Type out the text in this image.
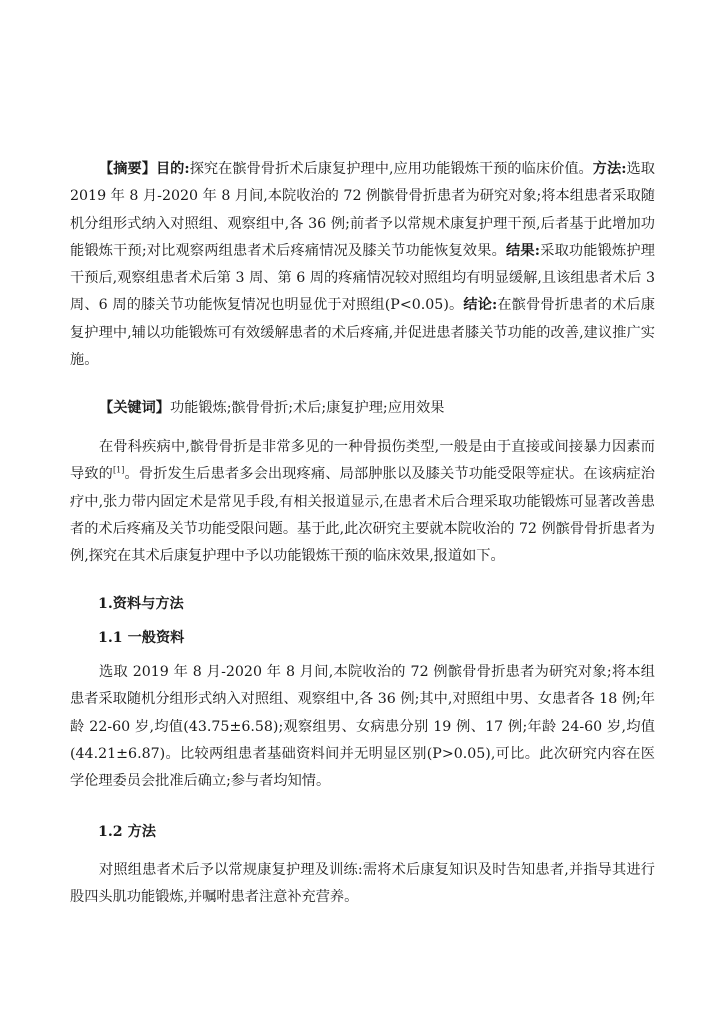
【摘要】目的:探究在髌骨骨折术后康复护理中,应用功能锻炼干预的临床价值。方法:选取 2019 年 8 月-2020 年 8 月间,本院收治的 72 例髌骨骨折患者为研究对象;将本组患者采取随机分组形式纳入对照组、观察组中,各 36 例;前者予以常规术康复护理干预,后者基于此增加功能锻炼干预;对比观察两组患者术后疼痛情况及膝关节功能恢复效果。结果:采取功能锻炼护理干预后,观察组患者术后第 3 周、第 6 周的疼痛情况较对照组均有明显缓解,且该组患者术后 3 周、6 周的膝关节功能恢复情况也明显优于对照组(P<0.05)。结论:在髌骨骨折患者的术后康复护理中,辅以功能锻炼可有效缓解患者的术后疼痛,并促进患者膝关节功能的改善,建议推广实施。
【关键词】功能锻炼;髌骨骨折;术后;康复护理;应用效果
在骨科疾病中,髌骨骨折是非常多见的一种骨损伤类型,一般是由于直接或间接暴力因素而导致的[1]。骨折发生后患者多会出现疼痛、局部肿胀以及膝关节功能受限等症状。在该病症治疗中,张力带内固定术是常见手段,有相关报道显示,在患者术后合理采取功能锻炼可显著改善患者的术后疼痛及关节功能受限问题。基于此,此次研究主要就本院收治的 72 例髌骨骨折患者为例,探究在其术后康复护理中予以功能锻炼干预的临床效果,报道如下。
1.资料与方法
1.1 一般资料
选取 2019 年 8 月-2020 年 8 月间,本院收治的 72 例髌骨骨折患者为研究对象;将本组患者采取随机分组形式纳入对照组、观察组中,各 36 例;其中,对照组中男、女患者各 18 例;年龄 22-60 岁,均值(43.75±6.58);观察组男、女病患分别 19 例、17 例;年龄 24-60 岁,均值(44.21±6.87)。比较两组患者基础资料间并无明显区别(P>0.05),可比。此次研究内容在医学伦理委员会批准后确立;参与者均知情。
1.2 方法
对照组患者术后予以常规康复护理及训练:需将术后康复知识及时告知患者,并指导其进行股四头肌功能锻炼,并嘱咐患者注意补充营养。
